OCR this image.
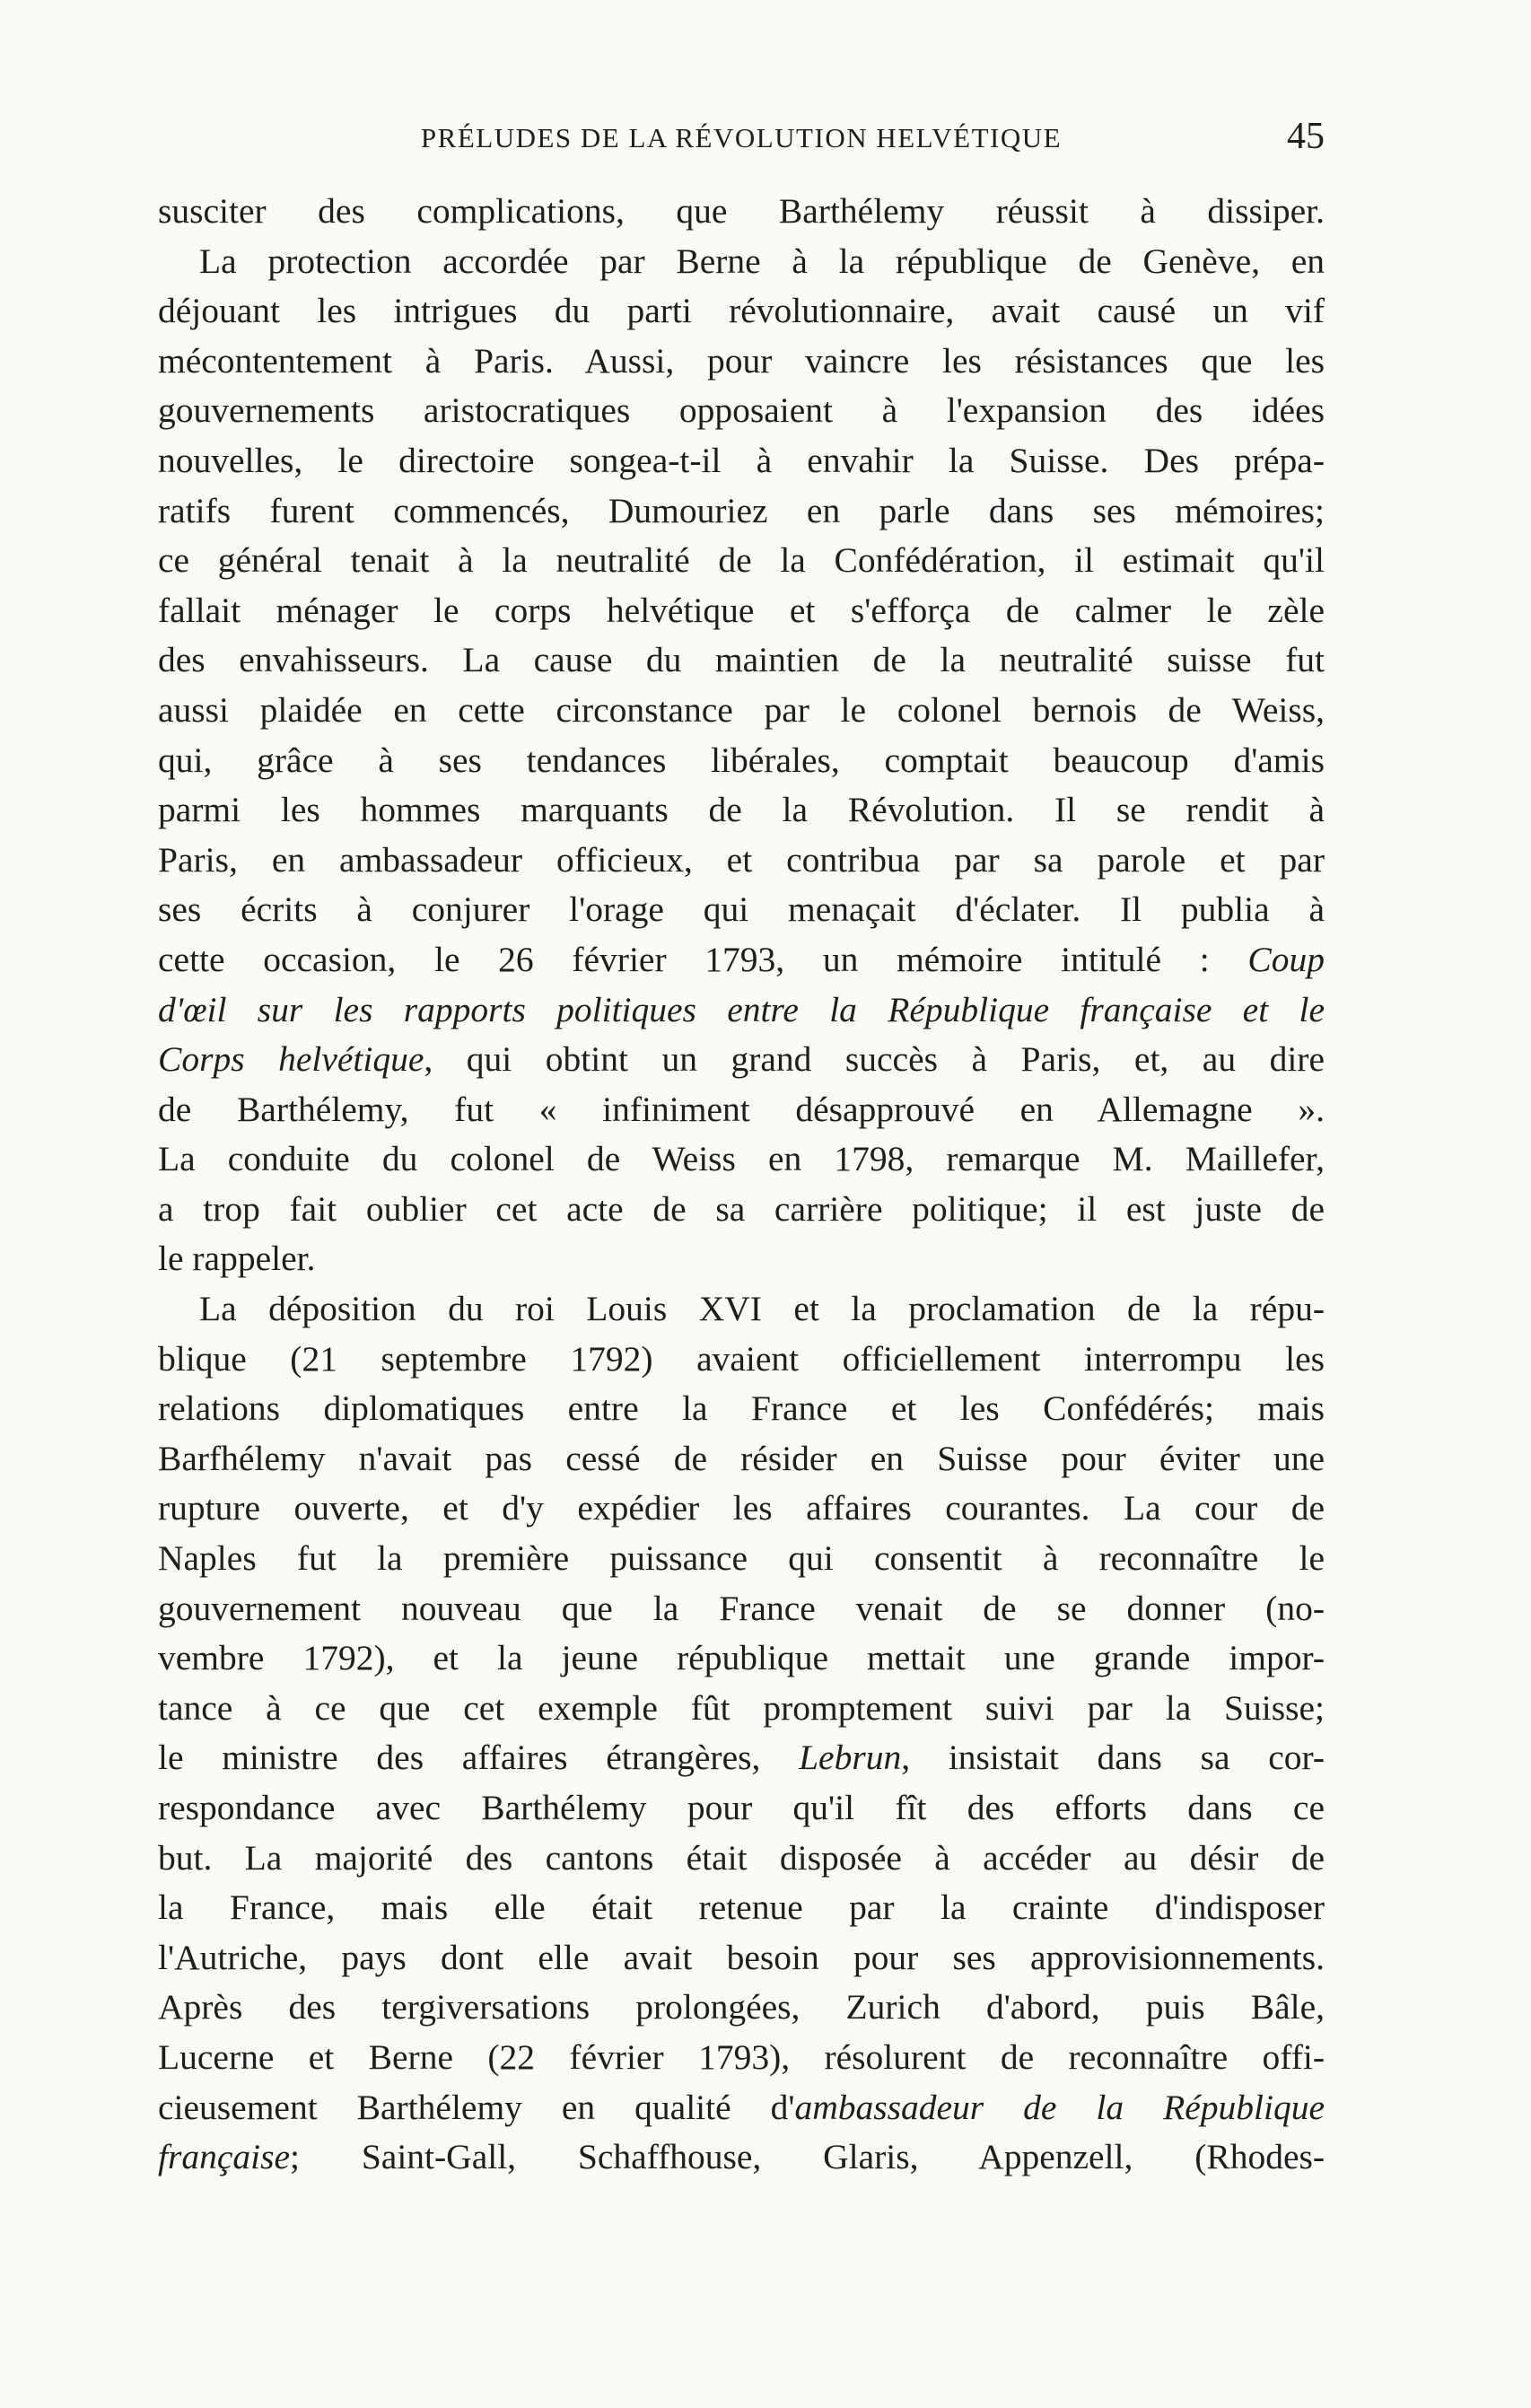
PRÉLUDES DE LA RÉVOLUTION HELVÉTIQUE	45
susciter des complications, que Barthélemy réussit à dissiper.
La protection accordée par Berne à la république de Genève, en
déjouant les intrigues du parti révolutionnaire, avait causé un vif
mécontentement à Paris. Aussi, pour vaincre les résistances que les
gouvernements aristocratiques opposaient à l'expansion des idées
nouvelles, le directoire songea-t-il à envahir la Suisse. Des prépa-
ratifs furent commencés, Dumouriez en parle dans ses mémoires;
ce général tenait à la neutralité de la Confédération, il estimait qu'il
fallait ménager le corps helvétique et s'efforça de calmer le zèle
des envahisseurs. La cause du maintien de la neutralité suisse fut
aussi plaidée en cette circonstance par le colonel bernois de Weiss,
qui, grâce à ses tendances libérales, comptait beaucoup d'amis
parmi les hommes marquants de la Révolution. Il se rendit à
Paris, en ambassadeur officieux, et contribua par sa parole et par
ses écrits à conjurer l'orage qui menaçait d'éclater. Il publia à
cette occasion, le 26 février 1793, un mémoire intitulé : Coup
d'œil sur les rapports politiques entre la République française et le
Corps helvétique, qui obtint un grand succès à Paris, et, au dire
de Barthélemy, fut « infiniment désapprouvé en Allemagne ».
La conduite du colonel de Weiss en 1798, remarque M. Maillefer,
a trop fait oublier cet acte de sa carrière politique; il est juste de
le rappeler.
La déposition du roi Louis XVI et la proclamation de la répu-
blique (21 septembre 1792) avaient officiellement interrompu les
relations diplomatiques entre la France et les Confédérés; mais
Barfhélemy n'avait pas cessé de résider en Suisse pour éviter une
rupture ouverte, et d'y expédier les affaires courantes. La cour de
Naples fut la première puissance qui consentit à reconnaître le
gouvernement nouveau que la France venait de se donner (no-
vembre 1792), et la jeune république mettait une grande impor-
tance à ce que cet exemple fût promptement suivi par la Suisse;
le ministre des affaires étrangères, Lebrun, insistait dans sa cor-
respondance avec Barthélemy pour qu'il fît des efforts dans ce
but. La majorité des cantons était disposée à accéder au désir de
la France, mais elle était retenue par la crainte d'indisposer
l'Autriche, pays dont elle avait besoin pour ses approvisionnements.
Après des tergiversations prolongées, Zurich d'abord, puis Bâle,
Lucerne et Berne (22 février 1793), résolurent de reconnaître offi-
cieusement Barthélemy en qualité d'ambassadeur de la République
française; Saint-Gall, Schaffhouse, Glaris, Appenzell, (Rhodes-
